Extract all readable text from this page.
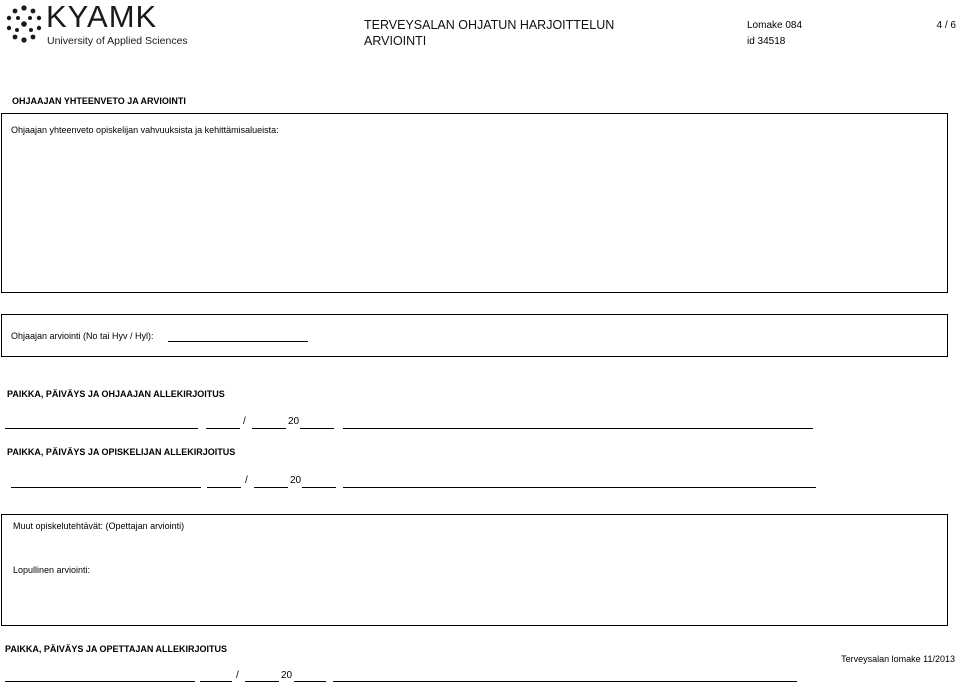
KYAMK
University of Applied Sciences
TERVEYSALAN OHJATUN HARJOITTELUN
ARVIOINTI
Lomake 084
id 34518
4 / 6
OHJAAJAN YHTEENVETO JA ARVIOINTI
Ohjaajan yhteenveto opiskelijan vahvuuksista ja kehittämisalueista:
Ohjaajan arviointi (No tai Hyv / Hyl):
PAIKKA, PÄIVÄYS JA OHJAAJAN ALLEKIRJOITUS
/	20
PAIKKA, PÄIVÄYS JA OPISKELIJAN ALLEKIRJOITUS
/	20
Muut opiskelutehtävät: (Opettajan arviointi)
Lopullinen arviointi:
PAIKKA, PÄIVÄYS JA OPETTAJAN ALLEKIRJOITUS
Terveysalan lomake 11/2013
/	20
